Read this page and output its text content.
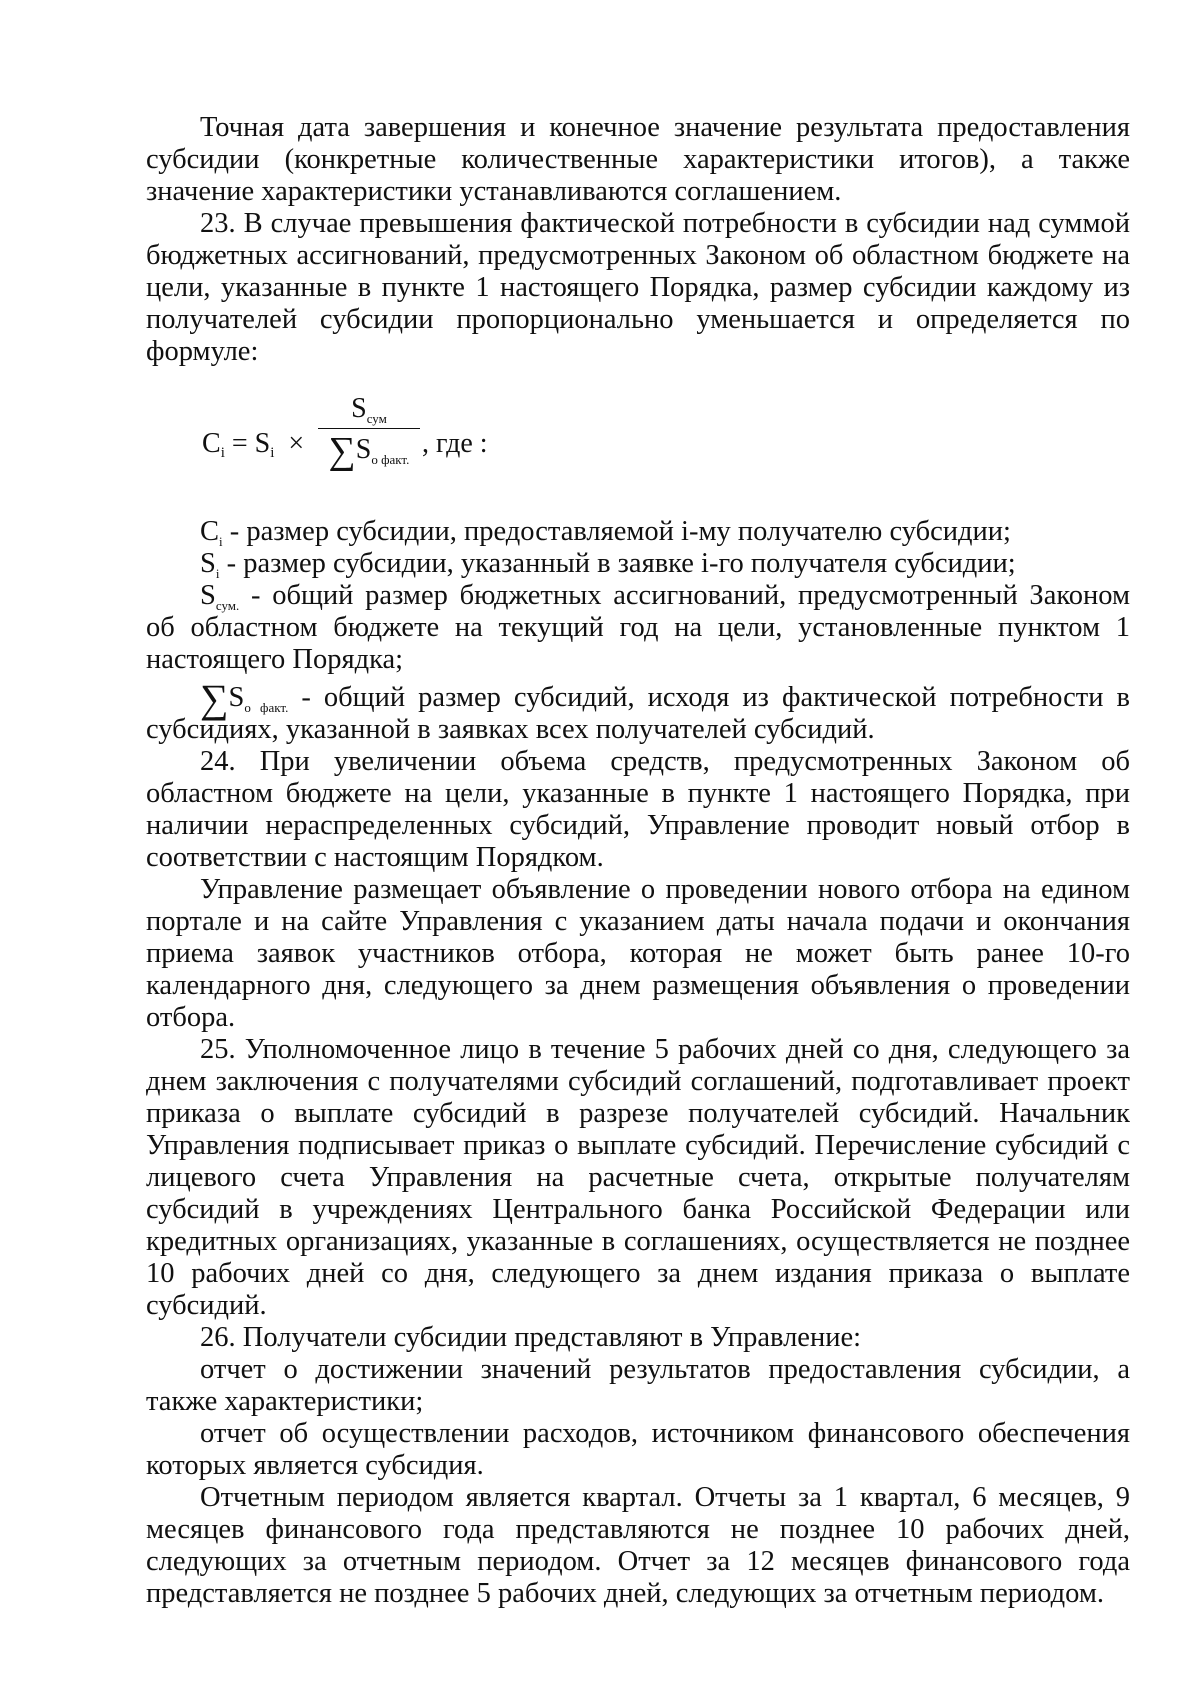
Точная дата завершения и конечное значение результата предоставления субсидии (конкретные количественные характеристики итогов), а также значение характеристики устанавливаются соглашением.

23. В случае превышения фактической потребности в субсидии над суммой бюджетных ассигнований, предусмотренных Законом об областном бюджете на цели, указанные в пункте 1 настоящего Порядка, размер субсидии каждому из получателей субсидии пропорционально уменьшается и определяется по формуле:

$C_i = S_i$ ×
$S_{сум}$
$\sum S_{о факт.}$
, где :

$C_i$ - размер субсидии, предоставляемой i-му получателю субсидии;

$S_i$ - размер субсидии, указанный в заявке i-го получателя субсидии;

$S_{сум.}$ - общий размер бюджетных ассигнований, предусмотренный Законом об областном бюджете на текущий год на цели, установленные пунктом 1 настоящего Порядка;

$\sum S_{о факт.}$ - общий размер субсидий, исходя из фактической потребности в субсидиях, указанной в заявках всех получателей субсидий.

24. При увеличении объема средств, предусмотренных Законом об областном бюджете на цели, указанные в пункте 1 настоящего Порядка, при наличии нераспределенных субсидий, Управление проводит новый отбор в соответствии с настоящим Порядком.

Управление размещает объявление о проведении нового отбора на едином портале и на сайте Управления с указанием даты начала подачи и окончания приема заявок участников отбора, которая не может быть ранее 10-го календарного дня, следующего за днем размещения объявления о проведении отбора.

25. Уполномоченное лицо в течение 5 рабочих дней со дня, следующего за днем заключения с получателями субсидий соглашений, подготавливает проект приказа о выплате субсидий в разрезе получателей субсидий. Начальник Управления подписывает приказ о выплате субсидий. Перечисление субсидий с лицевого счета Управления на расчетные счета, открытые получателям субсидий в учреждениях Центрального банка Российской Федерации или кредитных организациях, указанные в соглашениях, осуществляется не позднее 10 рабочих дней со дня, следующего за днем издания приказа о выплате субсидий.

26. Получатели субсидии представляют в Управление:

отчет о достижении значений результатов предоставления субсидии, а также характеристики;

отчет об осуществлении расходов, источником финансового обеспечения которых является субсидия.

Отчетным периодом является квартал. Отчеты за 1 квартал, 6 месяцев, 9 месяцев финансового года представляются не позднее 10 рабочих дней, следующих за отчетным периодом. Отчет за 12 месяцев финансового года представляется не позднее 5 рабочих дней, следующих за отчетным периодом.
